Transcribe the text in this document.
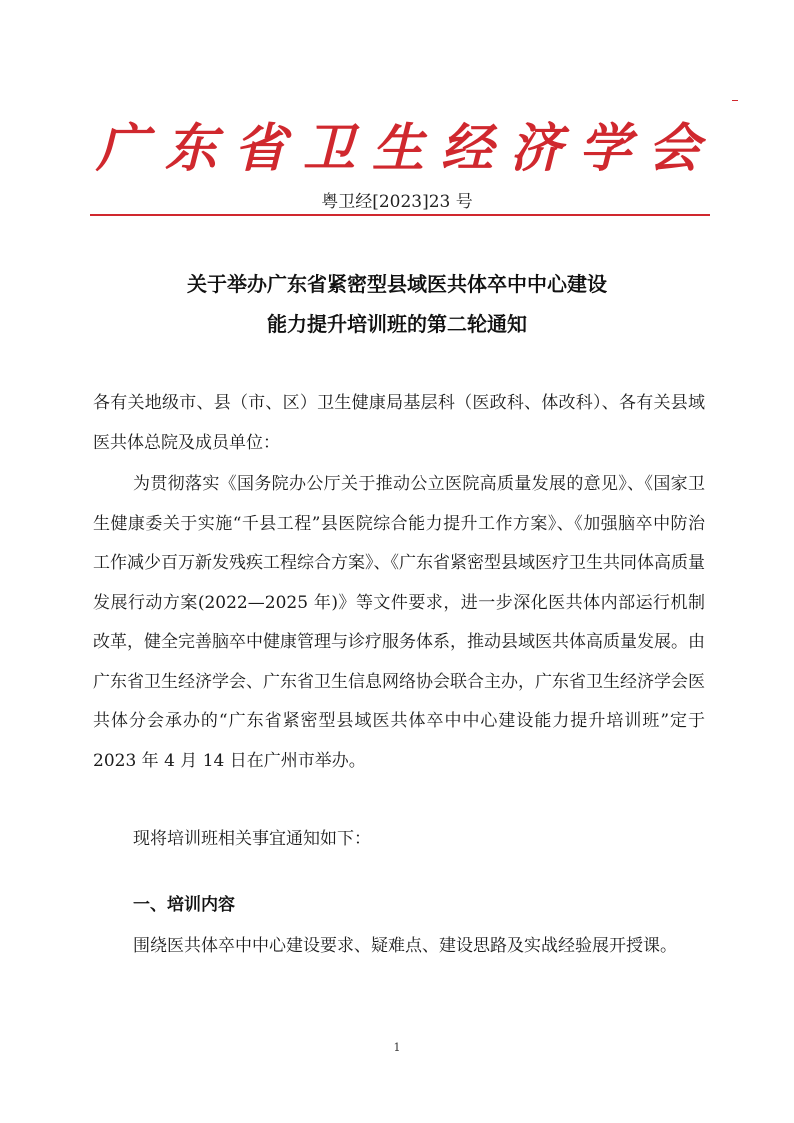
广 东 省 卫 生 经 济 学 会
粤卫经[2023]23 号
关于举办广东省紧密型县域医共体卒中中心建设
能力提升培训班的第二轮通知
各有关地级市、县（市、区）卫生健康局基层科（医政科、体改科）、各有关县域医共体总院及成员单位：
为贯彻落实《国务院办公厅关于推动公立医院高质量发展的意见》、《国家卫生健康委关于实施“千县工程”县医院综合能力提升工作方案》、《加强脑卒中防治工作减少百万新发残疾工程综合方案》、《广东省紧密型县域医疗卫生共同体高质量发展行动方案(2022—2025 年)》等文件要求，进一步深化医共体内部运行机制改革，健全完善脑卒中健康管理与诊疗服务体系，推动县域医共体高质量发展。由广东省卫生经济学会、广东省卫生信息网络协会联合主办，广东省卫生经济学会医共体分会承办的“广东省紧密型县域医共体卒中中心建设能力提升培训班”定于 2023 年 4 月 14 日在广州市举办。
现将培训班相关事宜通知如下：
一、培训内容
围绕医共体卒中中心建设要求、疑难点、建设思路及实战经验展开授课。
1
